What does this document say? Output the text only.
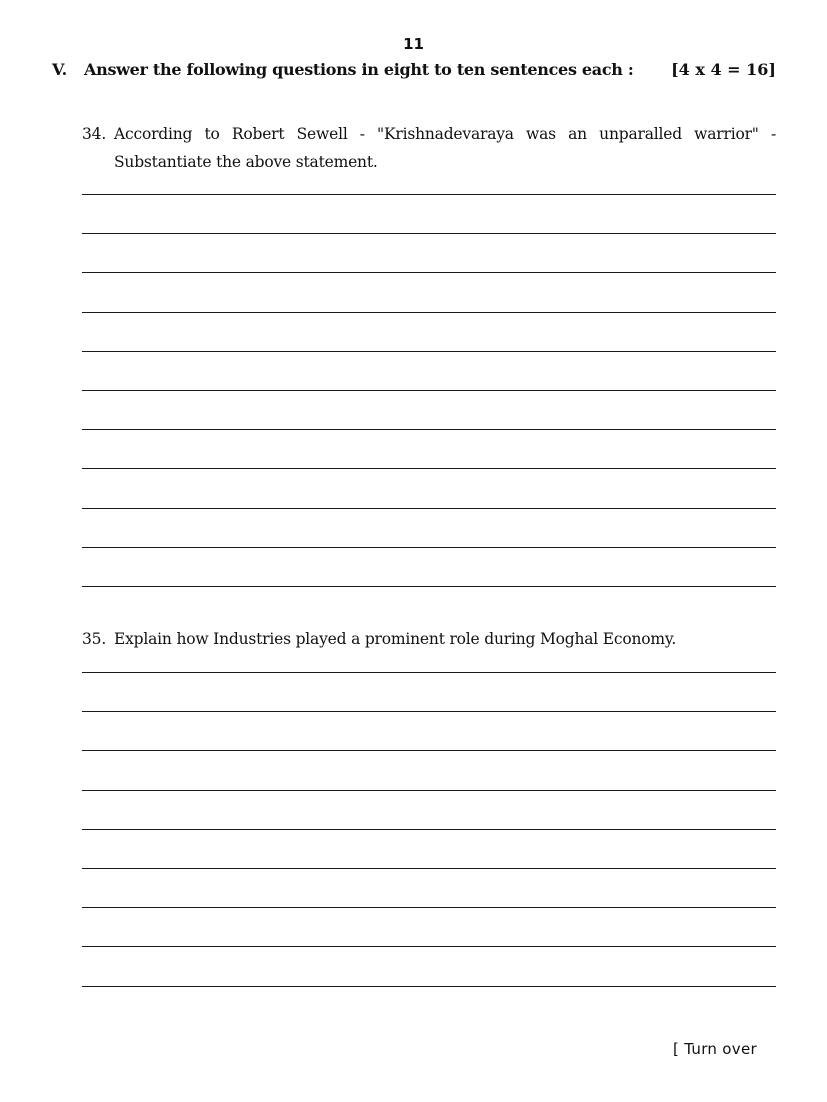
11
V. Answer the following questions in eight to ten sentences each : [4 x 4 = 16]
34. According to Robert Sewell - "Krishnadevaraya was an unparalled warrior" -
Substantiate the above statement.
35. Explain how Industries played a prominent role during Moghal Economy.
[ Turn over
